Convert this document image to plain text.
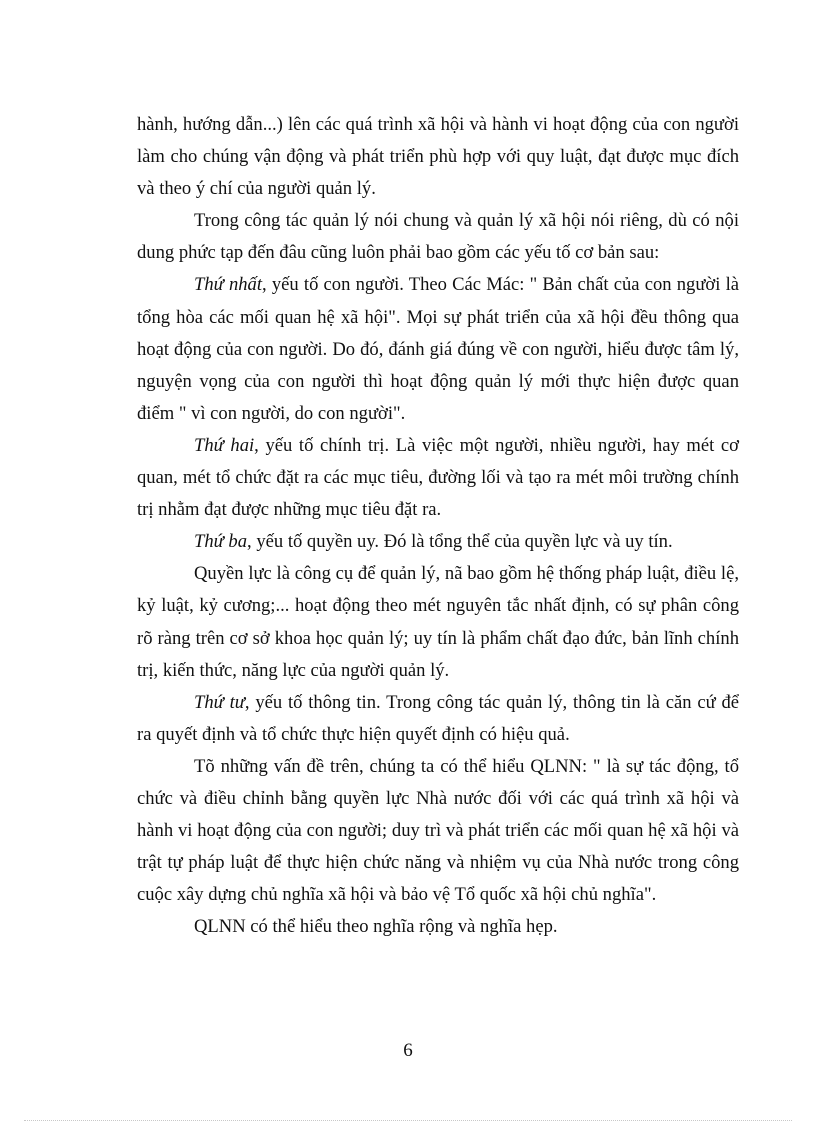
hành, hướng dẫn...) lên các quá trình xã hội và hành vi hoạt động của con người làm cho chúng vận động và phát triển phù hợp với quy luật, đạt được mục đích và theo ý chí của người quản lý.

Trong công tác quản lý nói chung và quản lý xã hội nói riêng, dù có nội dung phức tạp đến đâu cũng luôn phải bao gồm các yếu tố cơ bản sau:

Thứ nhất, yếu tố con người. Theo Các Mác: " Bản chất của con người là tổng hòa các mối quan hệ xã hội". Mọi sự phát triển của xã hội đều thông qua hoạt động của con người. Do đó, đánh giá đúng về con người, hiểu được tâm lý, nguyện vọng của con người thì hoạt động quản lý mới thực hiện được quan điểm " vì con người, do con người".

Thứ hai, yếu tố chính trị. Là việc một người, nhiều người, hay mét cơ quan, mét tổ chức đặt ra các mục tiêu, đường lối và tạo ra mét môi trường chính trị nhằm đạt được những mục tiêu đặt ra.

Thứ ba, yếu tố quyền uy. Đó là tổng thể của quyền lực và uy tín.

Quyền lực là công cụ để quản lý, nã bao gồm hệ thống pháp luật, điều lệ, kỷ luật, kỷ cương;... hoạt động theo mét nguyên tắc nhất định, có sự phân công rõ ràng trên cơ sở khoa học quản lý; uy tín là phẩm chất đạo đức, bản lĩnh chính trị, kiến thức, năng lực của người quản lý.

Thứ tư, yếu tố thông tin. Trong công tác quản lý, thông tin là căn cứ để ra quyết định và tổ chức thực hiện quyết định có hiệu quả.

Tõ những vấn đề trên, chúng ta có thể hiểu QLNN: " là sự tác động, tổ chức và điều chỉnh bằng quyền lực Nhà nước đối với các quá trình xã hội và hành vi hoạt động của con người; duy trì và phát triển các mối quan hệ xã hội và trật tự pháp luật để thực hiện chức năng và nhiệm vụ của Nhà nước trong công cuộc xây dựng chủ nghĩa xã hội và bảo vệ Tổ quốc xã hội chủ nghĩa".

QLNN có thể hiểu theo nghĩa rộng và nghĩa hẹp.

6
